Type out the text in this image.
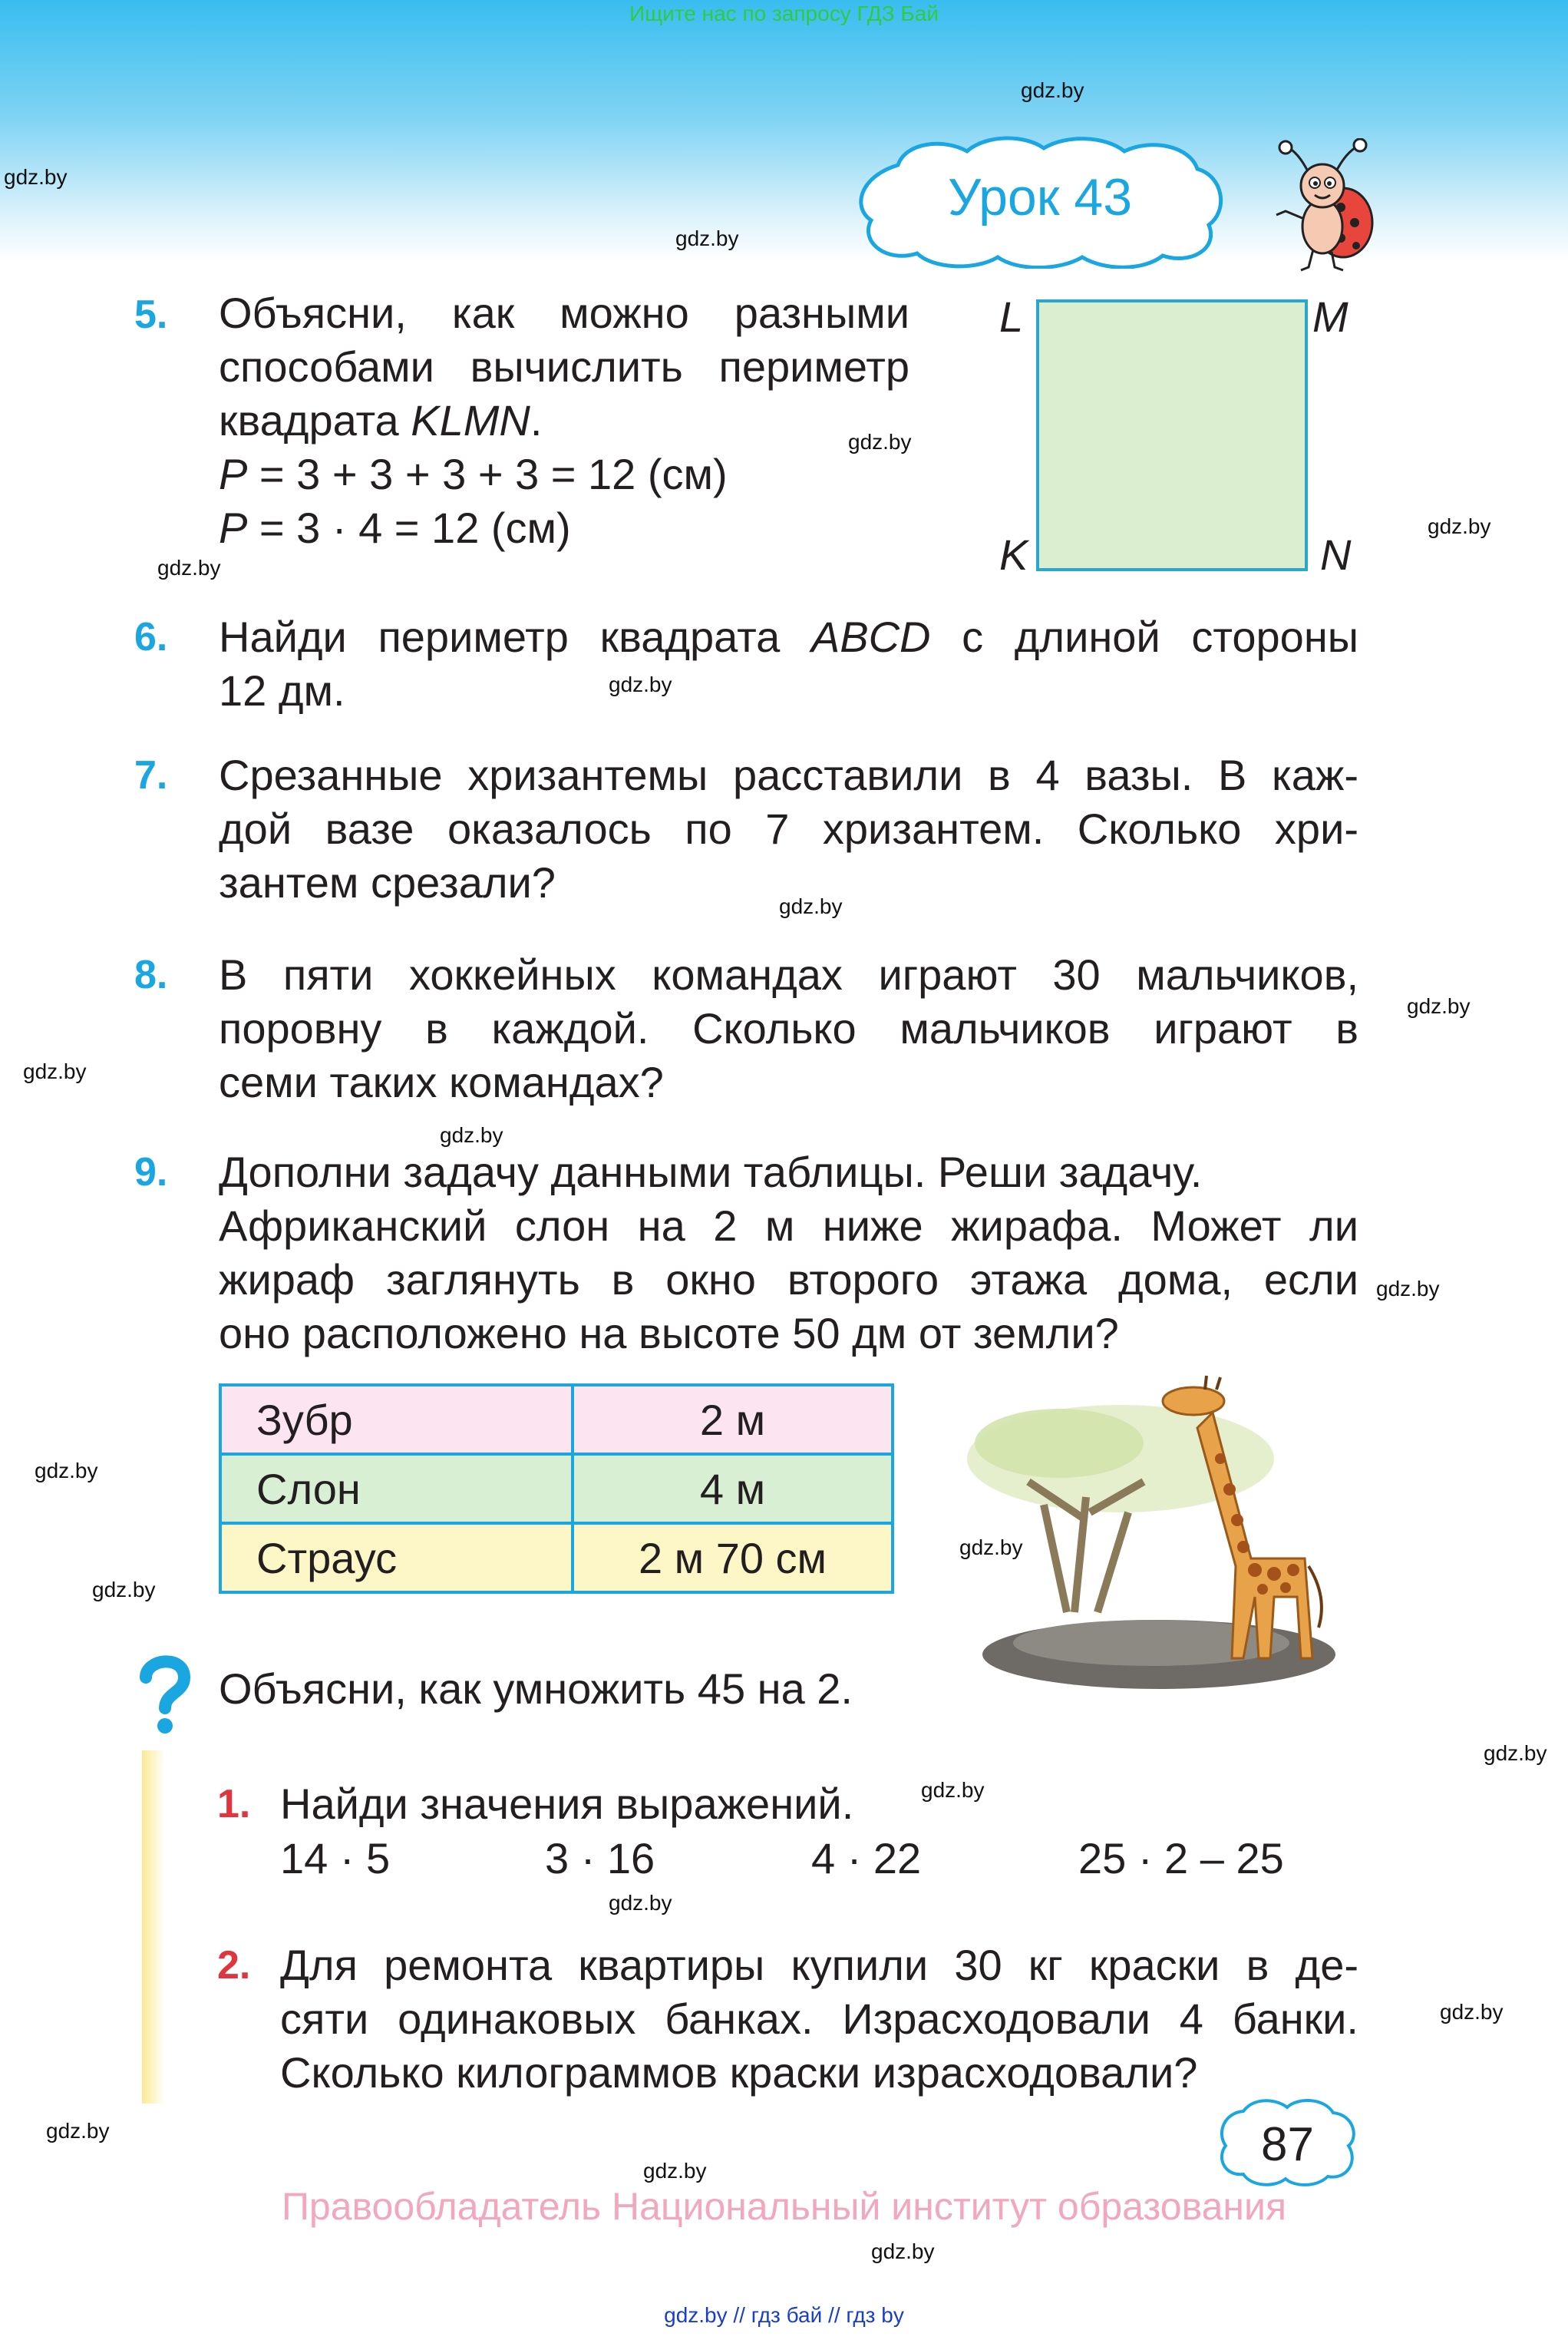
Ищите нас по запросу ГДЗ Бай
gdz.by
gdz.by
gdz.by
gdz.by
gdz.by
gdz.by
gdz.by
gdz.by
gdz.by
gdz.by
gdz.by
gdz.by
gdz.by
gdz.by
gdz.by
gdz.by
gdz.by
gdz.by
gdz.by
gdz.by
gdz.by
gdz.by
Урок 43
5. Объясни, как можно разными
способами вычислить периметр
квадрата KLMN.
P = 3 + 3 + 3 + 3 = 12 (см)
P = 3 · 4 = 12 (см)
L	M
K	N
6. Найди периметр квадрата ABCD с длиной стороны
12 дм.
7. Срезанные хризантемы расставили в 4 вазы. В каж-
дой вазе оказалось по 7 хризантем. Сколько хри-
зантем срезали?
8. В пяти хоккейных командах играют 30 мальчиков,
поровну в каждой. Сколько мальчиков играют в
семи таких командах?
9. Дополни задачу данными таблицы. Реши задачу.
Африканский слон на 2 м ниже жирафа. Может ли
жираф заглянуть в окно второго этажа дома, если
оно расположено на высоте 50 дм от земли?
Зубр	2 м
Слон	4 м
Страус	2 м 70 см
Объясни, как умножить 45 на 2.
1. Найди значения выражений.
14 · 5	3 · 16	4 · 22	25 · 2 – 25
2. Для ремонта квартиры купили 30 кг краски в де-
сяти одинаковых банках. Израсходовали 4 банки.
Сколько килограммов краски израсходовали?
87
Правообладатель Национальный институт образования
gdz.by // гдз бай // гдз by
